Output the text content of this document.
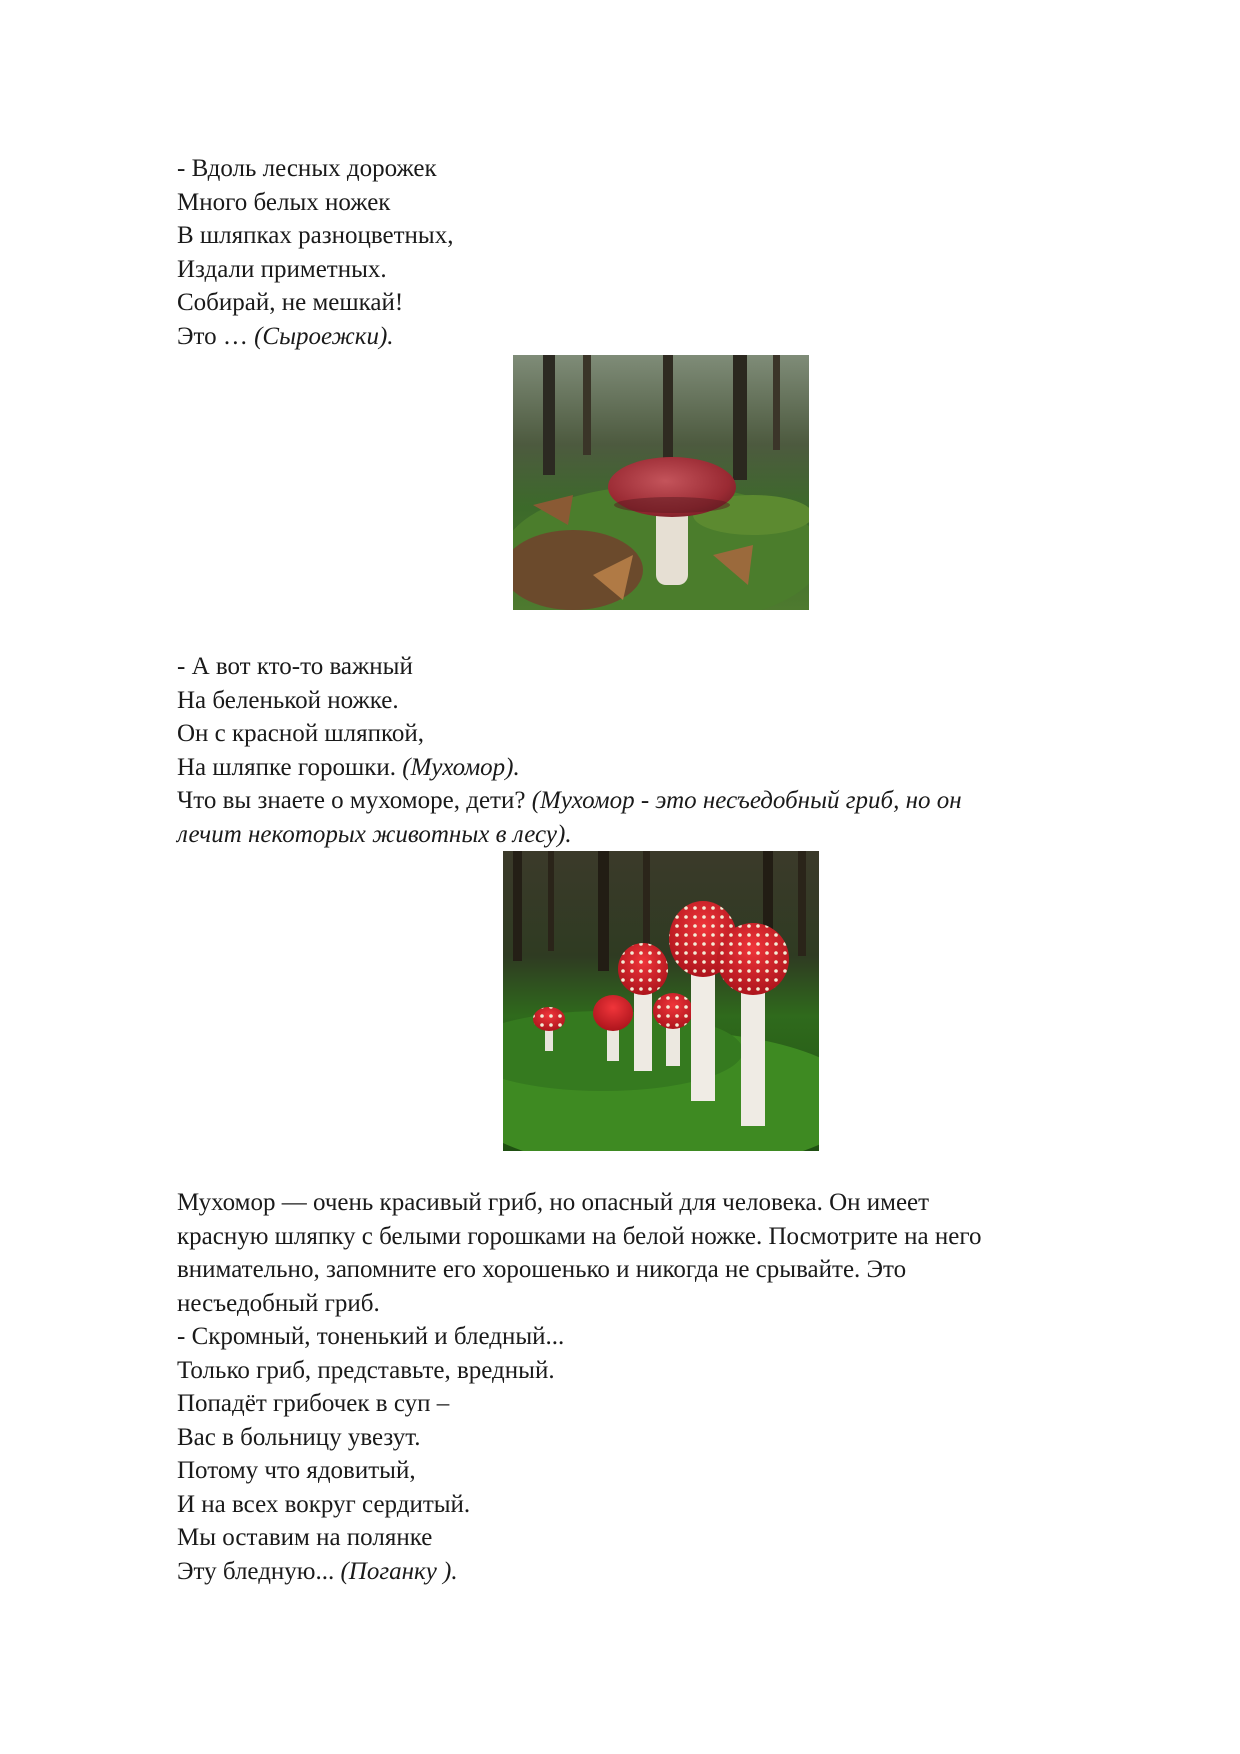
- Вдоль лесных дорожек
Много белых ножек
В шляпках разноцветных,
Издали приметных.
Собирай, не мешкай!
Это … (Сыроежки).
- А вот кто-то важный
На беленькой ножке.
Он с красной шляпкой,
На шляпке горошки. (Мухомор).
Что вы знаете о мухоморе, дети? (Мухомор - это несъедобный гриб, но он
лечит некоторых животных в лесу).
Мухомор — очень красивый гриб, но опасный для человека. Он имеет
красную шляпку с белыми горошками на белой ножке. Посмотрите на него
внимательно, запомните его хорошенько и никогда не срывайте. Это
несъедобный гриб.
- Скромный, тоненький и бледный...
Только гриб, представьте, вредный.
Попадёт грибочек в суп –
Вас в больницу увезут.
Потому что ядовитый,
И на всех вокруг сердитый.
Мы оставим на полянке
Эту бледную... (Поганку ).
